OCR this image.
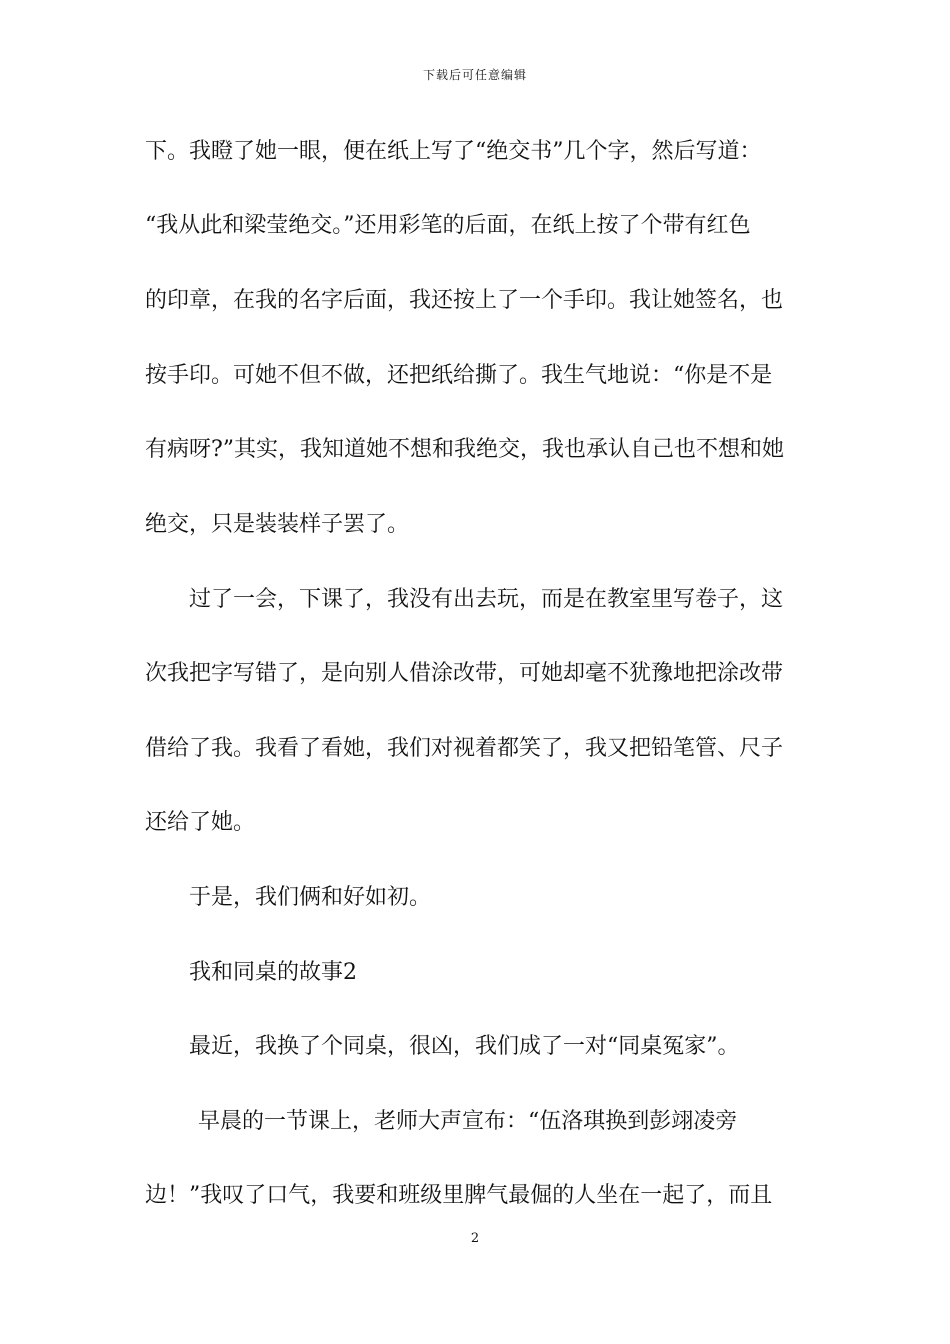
下载后可任意编辑
下。我瞪了她一眼，便在纸上写了“绝交书”几个字，然后写道：
“我从此和梁莹绝交。”还用彩笔的后面，在纸上按了个带有红色
的印章，在我的名字后面，我还按上了一个手印。我让她签名，也
按手印。可她不但不做，还把纸给撕了。我生气地说：“你是不是
有病呀?”其实，我知道她不想和我绝交，我也承认自己也不想和她
绝交，只是装装样子罢了。
过了一会，下课了，我没有出去玩，而是在教室里写卷子，这
次我把字写错了，是向别人借涂改带，可她却毫不犹豫地把涂改带
借给了我。我看了看她，我们对视着都笑了，我又把铅笔管、尺子
还给了她。
于是，我们俩和好如初。
我和同桌的故事2
最近，我换了个同桌，很凶，我们成了一对“同桌冤家”。
早晨的一节课上，老师大声宣布：“伍洛琪换到彭翊凌旁
边！”我叹了口气，我要和班级里脾气最倔的人坐在一起了，而且
2
